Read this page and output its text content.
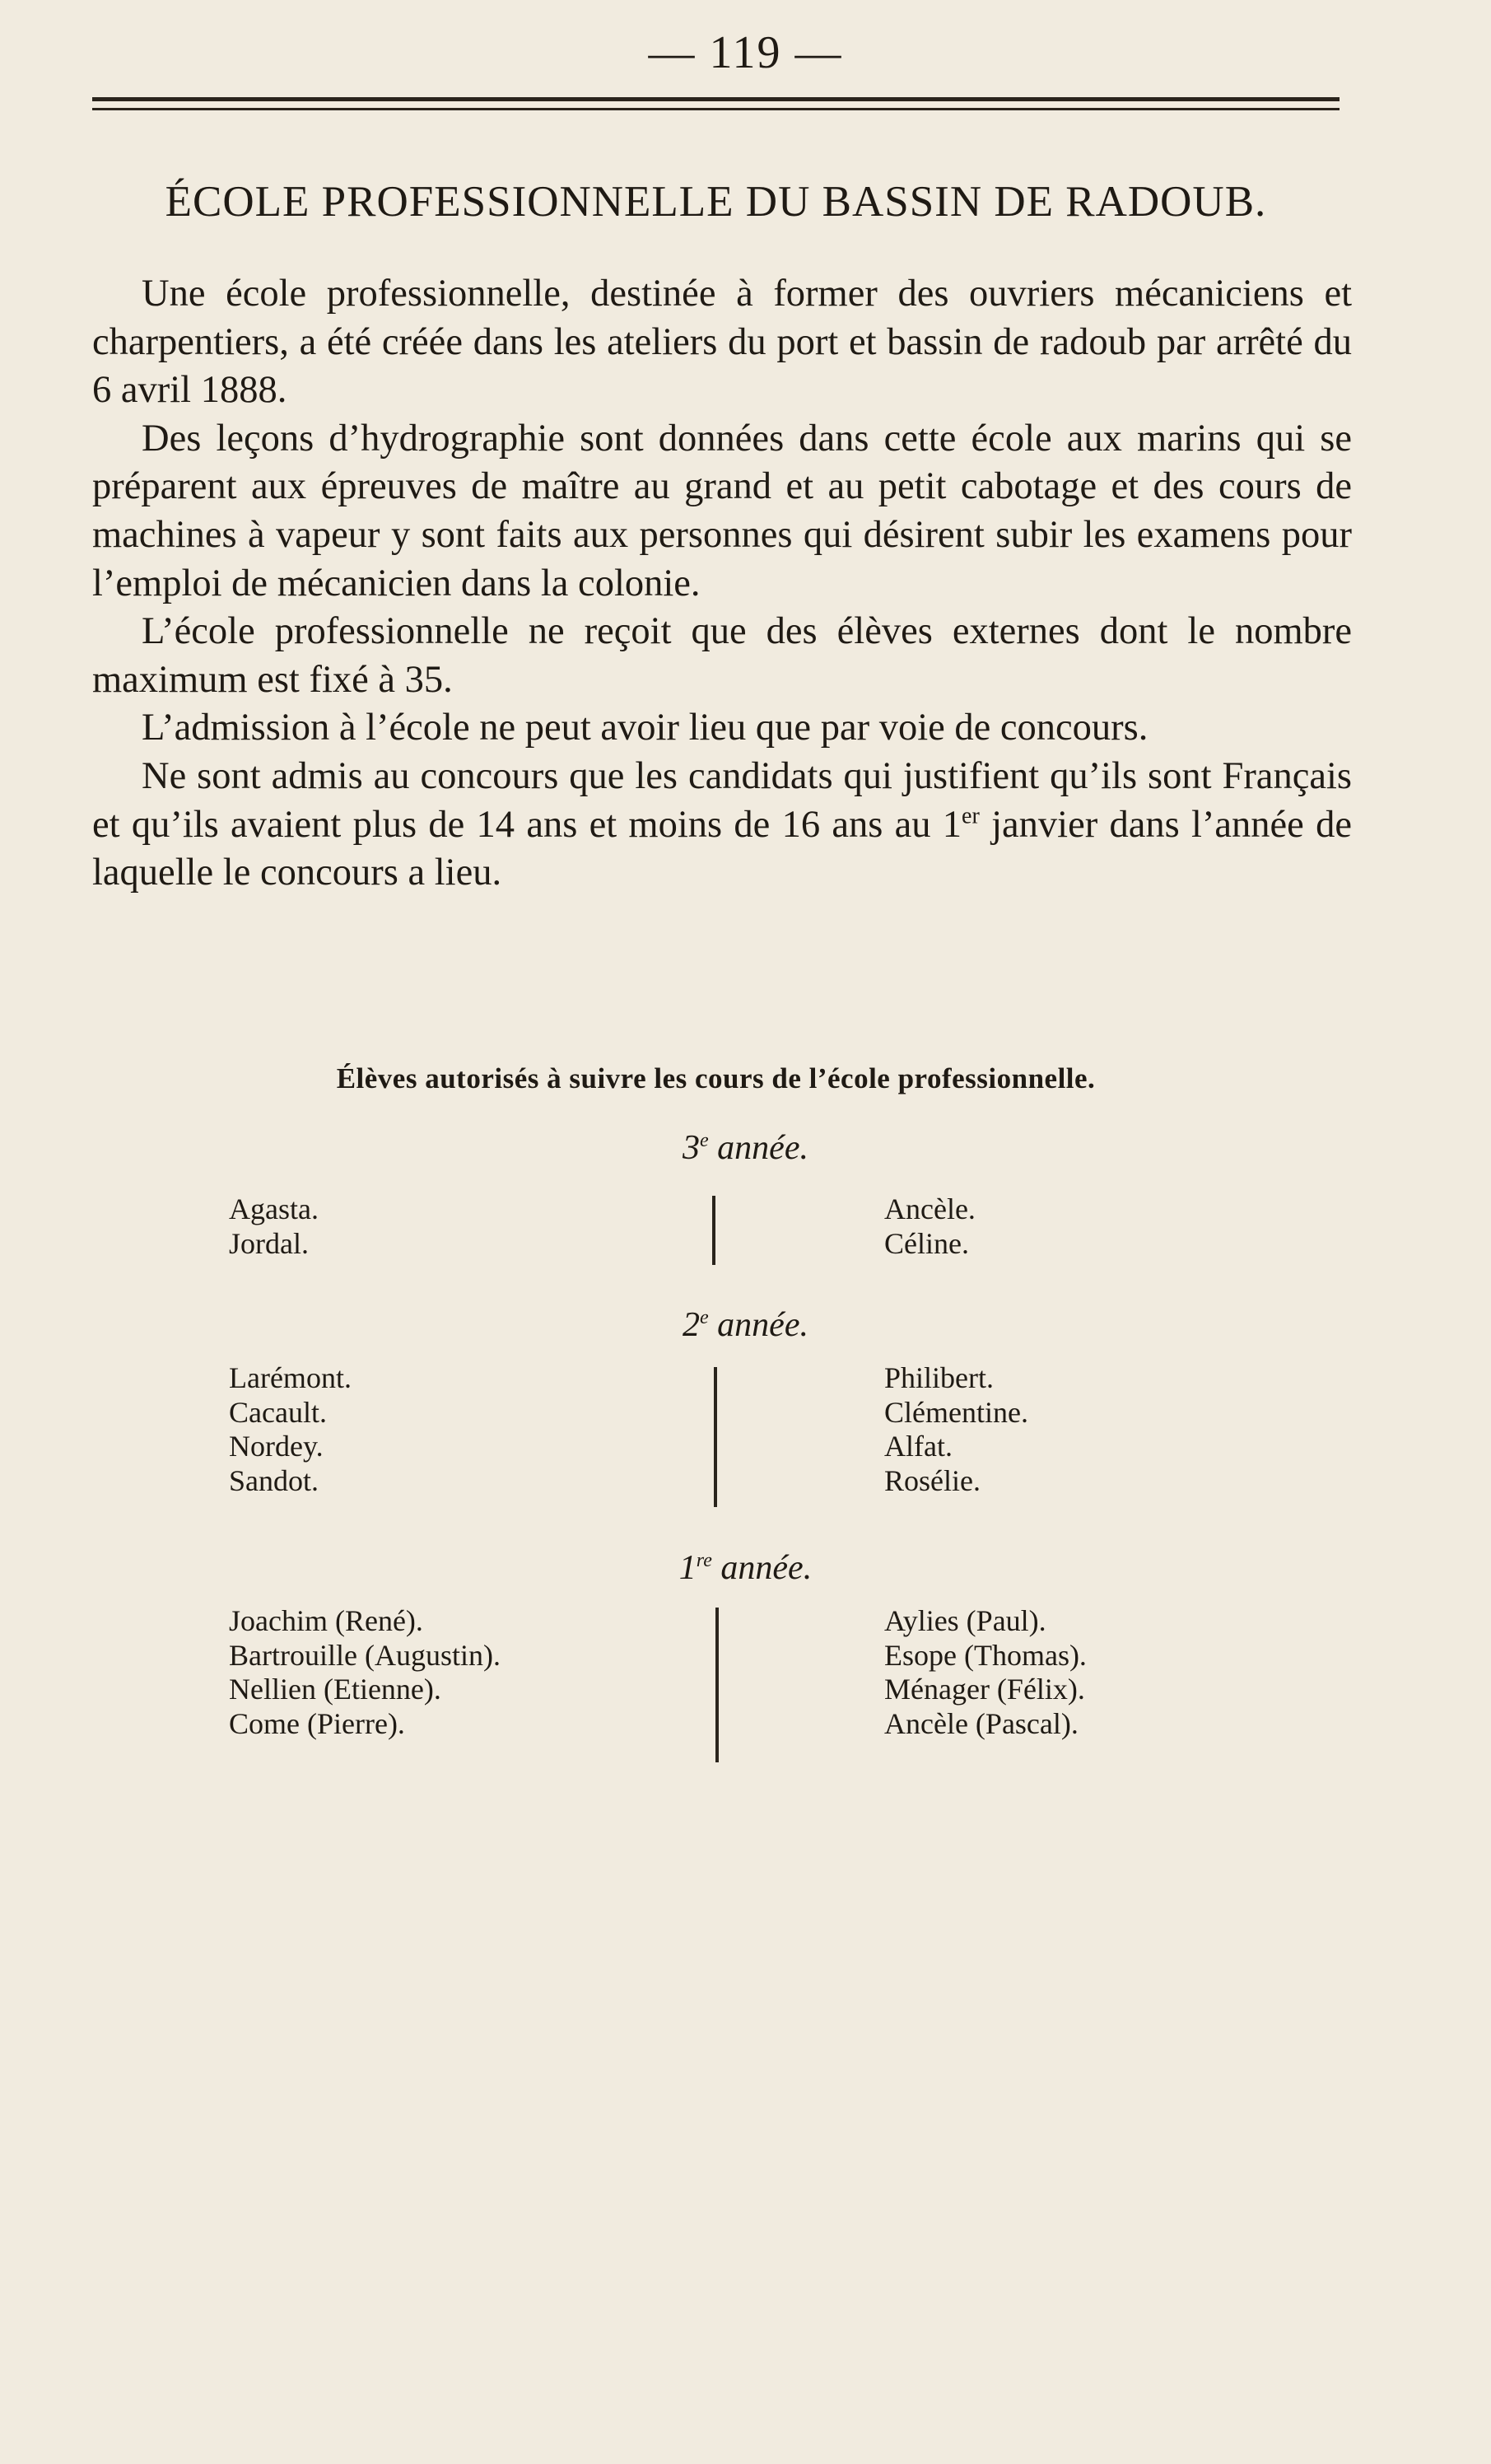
— 119 —
ÉCOLE PROFESSIONNELLE DU BASSIN DE RADOUB.

Une école professionnelle, destinée à former des ouvriers mécaniciens et charpentiers, a été créée dans les ateliers du port et bassin de radoub par arrêté du 6 avril 1888.

Des leçons d’hydrographie sont données dans cette école aux marins qui se préparent aux épreuves de maître au grand et au petit cabotage et des cours de machines à vapeur y sont faits aux personnes qui désirent subir les examens pour l’emploi de mécanicien dans la colonie.

L’école professionnelle ne reçoit que des élèves externes dont le nombre maximum est fixé à 35.

L’admission à l’école ne peut avoir lieu que par voie de concours.

Ne sont admis au concours que les candidats qui justifient qu’ils sont Français et qu’ils avaient plus de 14 ans et moins de 16 ans au 1er janvier dans l’année de laquelle le concours a lieu.

Élèves autorisés à suivre les cours de l’école professionnelle.
3e année.
Agasta.
Jordal.
Ancèle.
Céline.
2e année.
Larémont.
Cacault.
Nordey.
Sandot.
Philibert.
Clémentine.
Alfat.
Rosélie.
1re année.
Joachim (René).
Bartrouille (Augustin).
Nellien (Etienne).
Come (Pierre).
Aylies (Paul).
Esope (Thomas).
Ménager (Félix).
Ancèle (Pascal).
